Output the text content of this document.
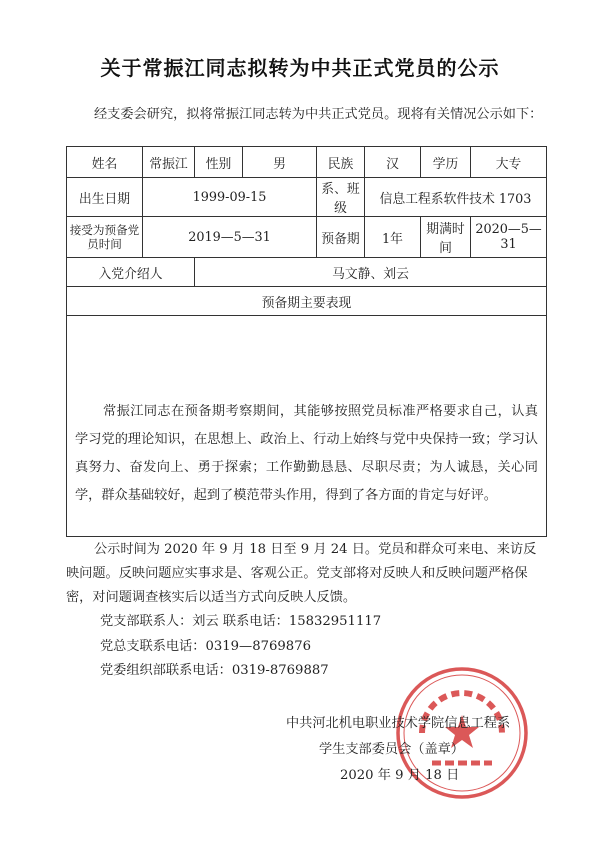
关于常振江同志拟转为中共正式党员的公示
经支委会研究，拟将常振江同志转为中共正式党员。现将有关情况公示如下：
姓名	常振江	性别	男	民族	汉	学历	大专
出生日期	1999-09-15			系、班级	信息工程系软件技术 1703		
接受为预备党员时间	2019—5—31			预备期	1年	期满时间	2020—5—31
入党介绍人		马文静、刘云					
预备期主要表现							

常振江同志在预备期考察期间，其能够按照党员标准严格要求自己，认真学习党的理论知识，在思想上、政治上、行动上始终与党中央保持一致；学习认真努力、奋发向上、勇于探索；工作勤勤恳恳、尽职尽责；为人诚恳，关心同学，群众基础较好，起到了模范带头作用，得到了各方面的肯定与好评。							
公示时间为 2020 年 9 月 18 日至 9 月 24 日。党员和群众可来电、来访反映问题。反映问题应实事求是、客观公正。党支部将对反映人和反映问题严格保密，对问题调查核实后以适当方式向反映人反馈。
党支部联系人：刘云 联系电话：15832951117
党总支联系电话：0319—8769876
党委组织部联系电话：0319-8769887
中共河北机电职业技术学院信息工程系
学生支部委员会（盖章）
2020 年 9 月 18 日
